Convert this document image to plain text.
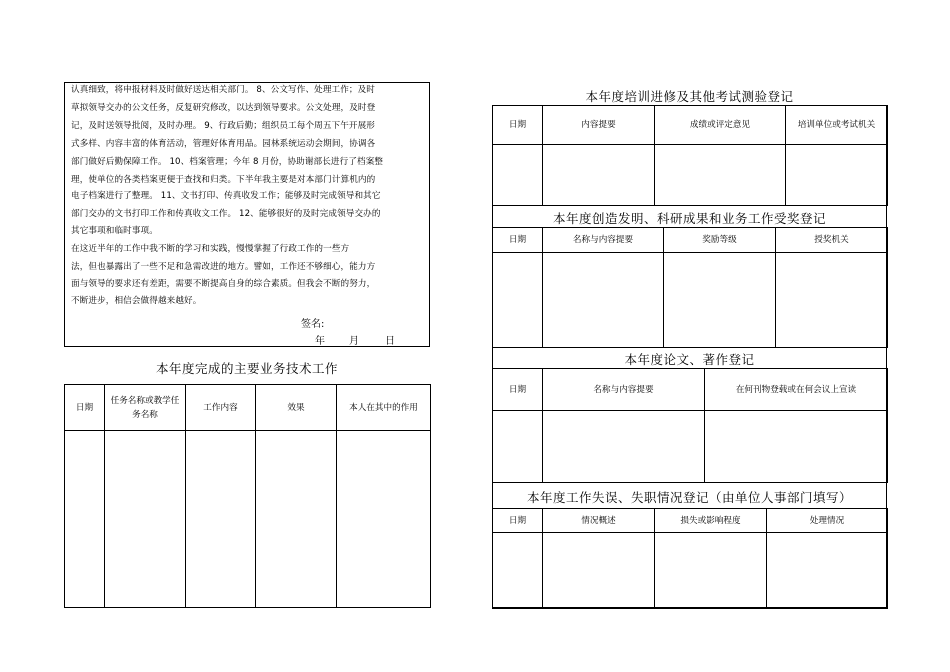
认真细致，将申报材料及时做好送达相关部门。 8、公文写作、处理工作；及时
草拟领导交办的公文任务，反复研究修改，以达到领导要求。公文处理，及时登
记，及时送领导批阅，及时办理。 9、行政后勤；组织员工每个周五下午开展形
式多样、内容丰富的体育活动，管理好体育用品。园林系统运动会期间，协调各
部门做好后勤保障工作。 10、档案管理；今年 8 月份，协助谢部长进行了档案整
理，使单位的各类档案更便于查找和归类。下半年我主要是对本部门计算机内的
电子档案进行了整理。 11、文书打印、传真收发工作；能够及时完成领导和其它
部门交办的文书打印工作和传真收文工作。 12、能够很好的及时完成领导交办的
其它事项和临时事项。
在这近半年的工作中我不断的学习和实践，慢慢掌握了行政工作的一些方
法，但也暴露出了一些不足和急需改进的地方。譬如，工作还不够细心，能力方
面与领导的要求还有差距，需要不断提高自身的综合素质。但我会不断的努力，
不断进步，相信会做得越来越好。
签名:
年 月	日
本年度完成的主要业务技术工作
日期	任务名称或教学任务名称	工作内容	效果	本人在其中的作用

本年度培训进修及其他考试测验登记
日期	内容提要	成绩或评定意见	培训单位或考试机关

本年度创造发明、科研成果和业务工作受奖登记
日期	名称与内容提要	奖励等级	授奖机关

本年度论文、著作登记
日期	名称与内容提要	在何刊物登载或在何会议上宣读

本年度工作失误、失职情况登记（由单位人事部门填写）
日期	情况概述	损失或影响程度	处理情况
